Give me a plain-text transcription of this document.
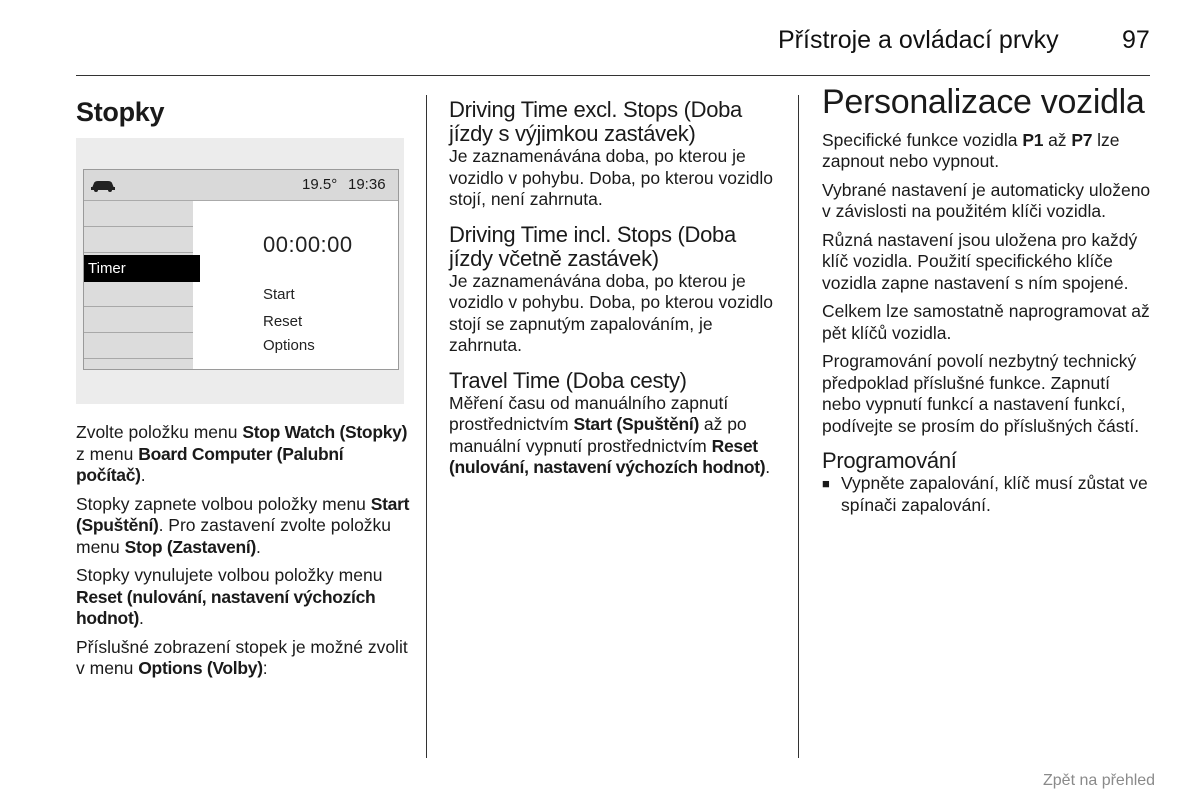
Přístroje a ovládací prvky	97
Stopky
19.5° 19:36
Timer
00:00:00
Start
Reset
Options

Zvolte položku menu Stop Watch (Stopky) z menu Board Computer (Palubní počítač).

Stopky zapnete volbou položky menu Start (Spuštění). Pro zastavení zvolte položku menu Stop (Zastavení).

Stopky vynulujete volbou položky menu Reset (nulování, nastavení výchozích hodnot).

Příslušné zobrazení stopek je možné zvolit v menu Options (Volby):

Driving Time excl. Stops (Doba jízdy s výjimkou zastávek)

Je zaznamenávána doba, po kterou je vozidlo v pohybu. Doba, po kterou vozidlo stojí, není zahrnuta.

Driving Time incl. Stops (Doba jízdy včetně zastávek)

Je zaznamenávána doba, po kterou je vozidlo v pohybu. Doba, po kterou vozidlo stojí se zapnutým zapalováním, je zahrnuta.

Travel Time (Doba cesty)

Měření času od manuálního zapnutí prostřednictvím Start (Spuštění) až po manuální vypnutí prostřednictvím Reset (nulování, nastavení výchozích hodnot).

Personalizace vozidla

Specifické funkce vozidla P1 až P7 lze zapnout nebo vypnout.

Vybrané nastavení je automaticky uloženo v závislosti na použitém klíči vozidla.

Různá nastavení jsou uložena pro každý klíč vozidla. Použití specifického klíče vozidla zapne nastavení s ním spojené.

Celkem lze samostatně naprogramovat až pět klíčů vozidla.

Programování povolí nezbytný technický předpoklad příslušné funkce. Zapnutí nebo vypnutí funkcí a nastavení funkcí, podívejte se prosím do příslušných částí.

Programování
■ Vypněte zapalování, klíč musí zůstat ve spínači zapalování.
Zpět na přehled
